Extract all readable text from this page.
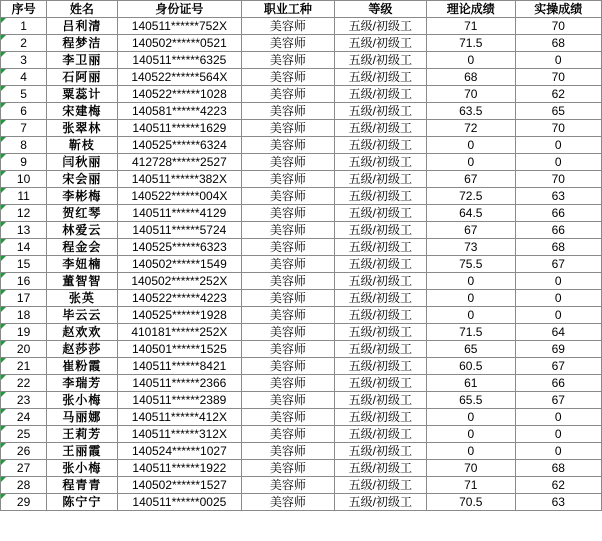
序号	姓名	身份证号	职业工种	等级	理论成绩	实操成绩
1	吕利清	140511******752X	美容师	五级/初级工	71	70
2	程梦洁	140502******0521	美容师	五级/初级工	71.5	68
3	李卫丽	140511******6325	美容师	五级/初级工	0	0
4	石阿丽	140522******564X	美容师	五级/初级工	68	70
5	粟蕊计	140522******1028	美容师	五级/初级工	70	62
6	宋建梅	140581******4223	美容师	五级/初级工	63.5	65
7	张翠林	140511******1629	美容师	五级/初级工	72	70
8	靳枝	140525******6324	美容师	五级/初级工	0	0
9	闫秋丽	412728******2527	美容师	五级/初级工	0	0
10	宋会丽	140511******382X	美容师	五级/初级工	67	70
11	李彬梅	140522******004X	美容师	五级/初级工	72.5	63
12	贺红琴	140511******4129	美容师	五级/初级工	64.5	66
13	林爱云	140511******5724	美容师	五级/初级工	67	66
14	程金会	140525******6323	美容师	五级/初级工	73	68
15	李妞楠	140502******1549	美容师	五级/初级工	75.5	67
16	董智智	140502******252X	美容师	五级/初级工	0	0
17	张英	140522******4223	美容师	五级/初级工	0	0
18	毕云云	140525******1928	美容师	五级/初级工	0	0
19	赵欢欢	410181******252X	美容师	五级/初级工	71.5	64
20	赵莎莎	140501******1525	美容师	五级/初级工	65	69
21	崔粉霞	140511******8421	美容师	五级/初级工	60.5	67
22	李瑞芳	140511******2366	美容师	五级/初级工	61	66
23	张小梅	140511******2389	美容师	五级/初级工	65.5	67
24	马丽娜	140511******412X	美容师	五级/初级工	0	0
25	王莉芳	140511******312X	美容师	五级/初级工	0	0
26	王丽霞	140524******1027	美容师	五级/初级工	0	0
27	张小梅	140511******1922	美容师	五级/初级工	70	68
28	程青青	140502******1527	美容师	五级/初级工	71	62
29	陈宁宁	140511******0025	美容师	五级/初级工	70.5	63
